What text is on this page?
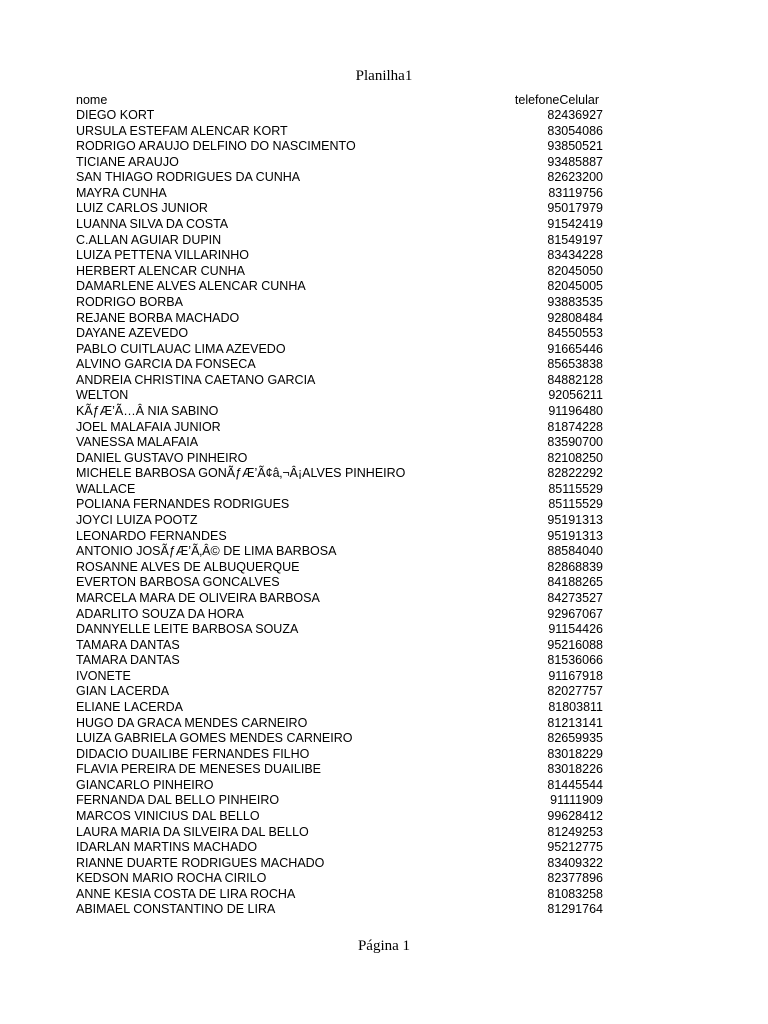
Planilha1
nome	telefoneCelular
DIEGO KORT	82436927
URSULA ESTEFAM ALENCAR KORT	83054086
RODRIGO ARAUJO DELFINO DO NASCIMENTO	93850521
TICIANE ARAUJO	93485887
SAN THIAGO RODRIGUES DA CUNHA	82623200
MAYRA CUNHA	83119756
LUIZ CARLOS JUNIOR	95017979
LUANNA SILVA DA COSTA	91542419
C.ALLAN AGUIAR DUPIN	81549197
LUIZA PETTENA VILLARINHO	83434228
HERBERT ALENCAR CUNHA	82045050
DAMARLENE ALVES ALENCAR CUNHA	82045005
RODRIGO BORBA	93883535
REJANE BORBA MACHADO	92808484
DAYANE AZEVEDO	84550553
PABLO CUITLAUAC LIMA AZEVEDO	91665446
ALVINO GARCIA DA FONSECA	85653838
ANDREIA CHRISTINA CAETANO GARCIA	84882128
WELTON	92056211
KÃƒÆ’Ã…Â NIA SABINO	91196480
JOEL MALAFAIA JUNIOR	81874228
VANESSA MALAFAIA	83590700
DANIEL GUSTAVO PINHEIRO	82108250
MICHELE BARBOSA GONÃƒÆ’Ã¢â‚¬Â¡ALVES PINHEIRO	82822292
WALLACE	85115529
POLIANA FERNANDES RODRIGUES	85115529
JOYCI LUIZA POOTZ	95191313
LEONARDO FERNANDES	95191313
ANTONIO JOSÃƒÆ’Ã‚Â© DE LIMA BARBOSA	88584040
ROSANNE ALVES DE ALBUQUERQUE	82868839
EVERTON BARBOSA GONCALVES	84188265
MARCELA MARA DE OLIVEIRA BARBOSA	84273527
ADARLITO SOUZA DA HORA	92967067
DANNYELLE LEITE BARBOSA SOUZA	91154426
TAMARA DANTAS	95216088
TAMARA DANTAS	81536066
IVONETE	91167918
GIAN LACERDA	82027757
ELIANE LACERDA	81803811
HUGO DA GRACA MENDES CARNEIRO	81213141
LUIZA GABRIELA GOMES MENDES CARNEIRO	82659935
DIDACIO DUAILIBE FERNANDES FILHO	83018229
FLAVIA PEREIRA DE MENESES DUAILIBE	83018226
GIANCARLO PINHEIRO	81445544
FERNANDA DAL BELLO PINHEIRO	91111909
MARCOS VINICIUS DAL BELLO	99628412
LAURA MARIA DA SILVEIRA DAL BELLO	81249253
IDARLAN MARTINS MACHADO	95212775
RIANNE DUARTE RODRIGUES MACHADO	83409322
KEDSON MARIO ROCHA CIRILO	82377896
ANNE KESIA COSTA DE LIRA ROCHA	81083258
ABIMAEL CONSTANTINO DE LIRA	81291764
Página 1
